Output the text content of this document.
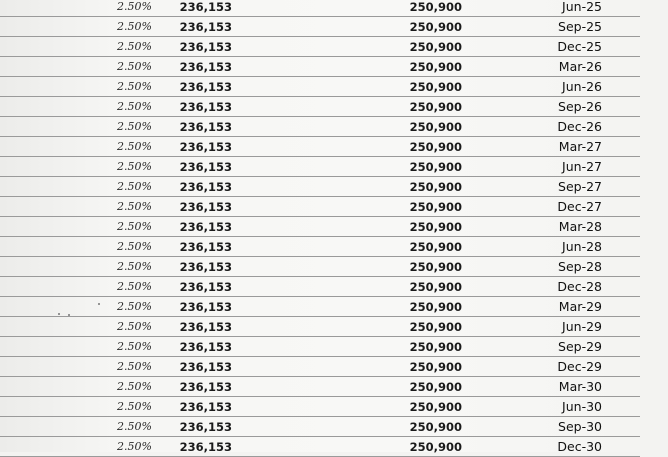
2.50%	236,153	250,900	Jun-25
2.50%	236,153	250,900	Sep-25
2.50%	236,153	250,900	Dec-25
2.50%	236,153	250,900	Mar-26
2.50%	236,153	250,900	Jun-26
2.50%	236,153	250,900	Sep-26
2.50%	236,153	250,900	Dec-26
2.50%	236,153	250,900	Mar-27
2.50%	236,153	250,900	Jun-27
2.50%	236,153	250,900	Sep-27
2.50%	236,153	250,900	Dec-27
2.50%	236,153	250,900	Mar-28
2.50%	236,153	250,900	Jun-28
2.50%	236,153	250,900	Sep-28
2.50%	236,153	250,900	Dec-28
2.50%	236,153	250,900	Mar-29
2.50%	236,153	250,900	Jun-29
2.50%	236,153	250,900	Sep-29
2.50%	236,153	250,900	Dec-29
2.50%	236,153	250,900	Mar-30
2.50%	236,153	250,900	Jun-30
2.50%	236,153	250,900	Sep-30
2.50%	236,153	250,900	Dec-30
